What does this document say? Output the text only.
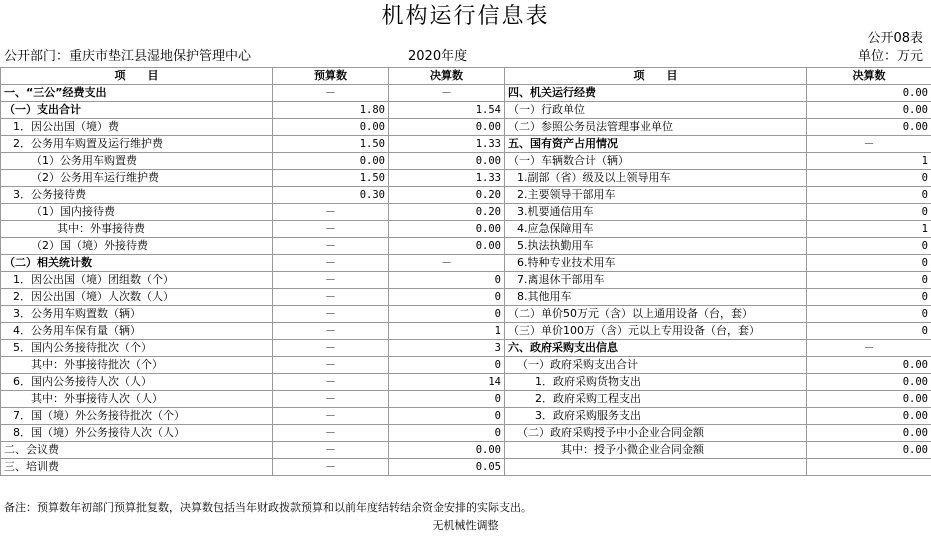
机构运行信息表
公开08表
公开部门：重庆市垫江县湿地保护管理中心	2020年度	单位：万元
项　　目	预算数	决算数	项　　目	决算数
一、“三公”经费支出	－	－	四、机关运行经费	0.00
（一）支出合计	1.80	1.54	（一）行政单位	0.00
1．因公出国（境）费	0.00	0.00	（二）参照公务员法管理事业单位	0.00
2．公务用车购置及运行维护费	1.50	1.33	五、国有资产占用情况	－
（1）公务用车购置费	0.00	0.00	（一）车辆数合计（辆）	1
（2）公务用车运行维护费	1.50	1.33	1.副部（省）级及以上领导用车	0
3．公务接待费	0.30	0.20	2.主要领导干部用车	0
（1）国内接待费	－	0.20	3.机要通信用车	0
其中：外事接待费	－	0.00	4.应急保障用车	1
（2）国（境）外接待费	－	0.00	5.执法执勤用车	0
（二）相关统计数	－	－	6.特种专业技术用车	0
1．因公出国（境）团组数（个）	－	0	7.离退休干部用车	0
2．因公出国（境）人次数（人）	－	0	8.其他用车	0
3．公务用车购置数（辆）	－	0	（二）单价50万元（含）以上通用设备（台，套）	0
4．公务用车保有量（辆）	－	1	（三）单价100万（含）元以上专用设备（台，套）	0
5．国内公务接待批次（个）	－	3	六、政府采购支出信息	－
其中：外事接待批次（个）	－	0	（一）政府采购支出合计	0.00
6．国内公务接待人次（人）	－	14	1．政府采购货物支出	0.00
其中：外事接待人次（人）	－	0	2．政府采购工程支出	0.00
7．国（境）外公务接待批次（个）	－	0	3．政府采购服务支出	0.00
8．国（境）外公务接待人次（人）	－	0	（二）政府采购授予中小企业合同金额	0.00
二、会议费	－	0.00	其中：授予小微企业合同金额	0.00
三、培训费	－	0.05		
备注：预算数年初部门预算批复数，决算数包括当年财政拨款预算和以前年度结转结余资金安排的实际支出。
无机械性调整
